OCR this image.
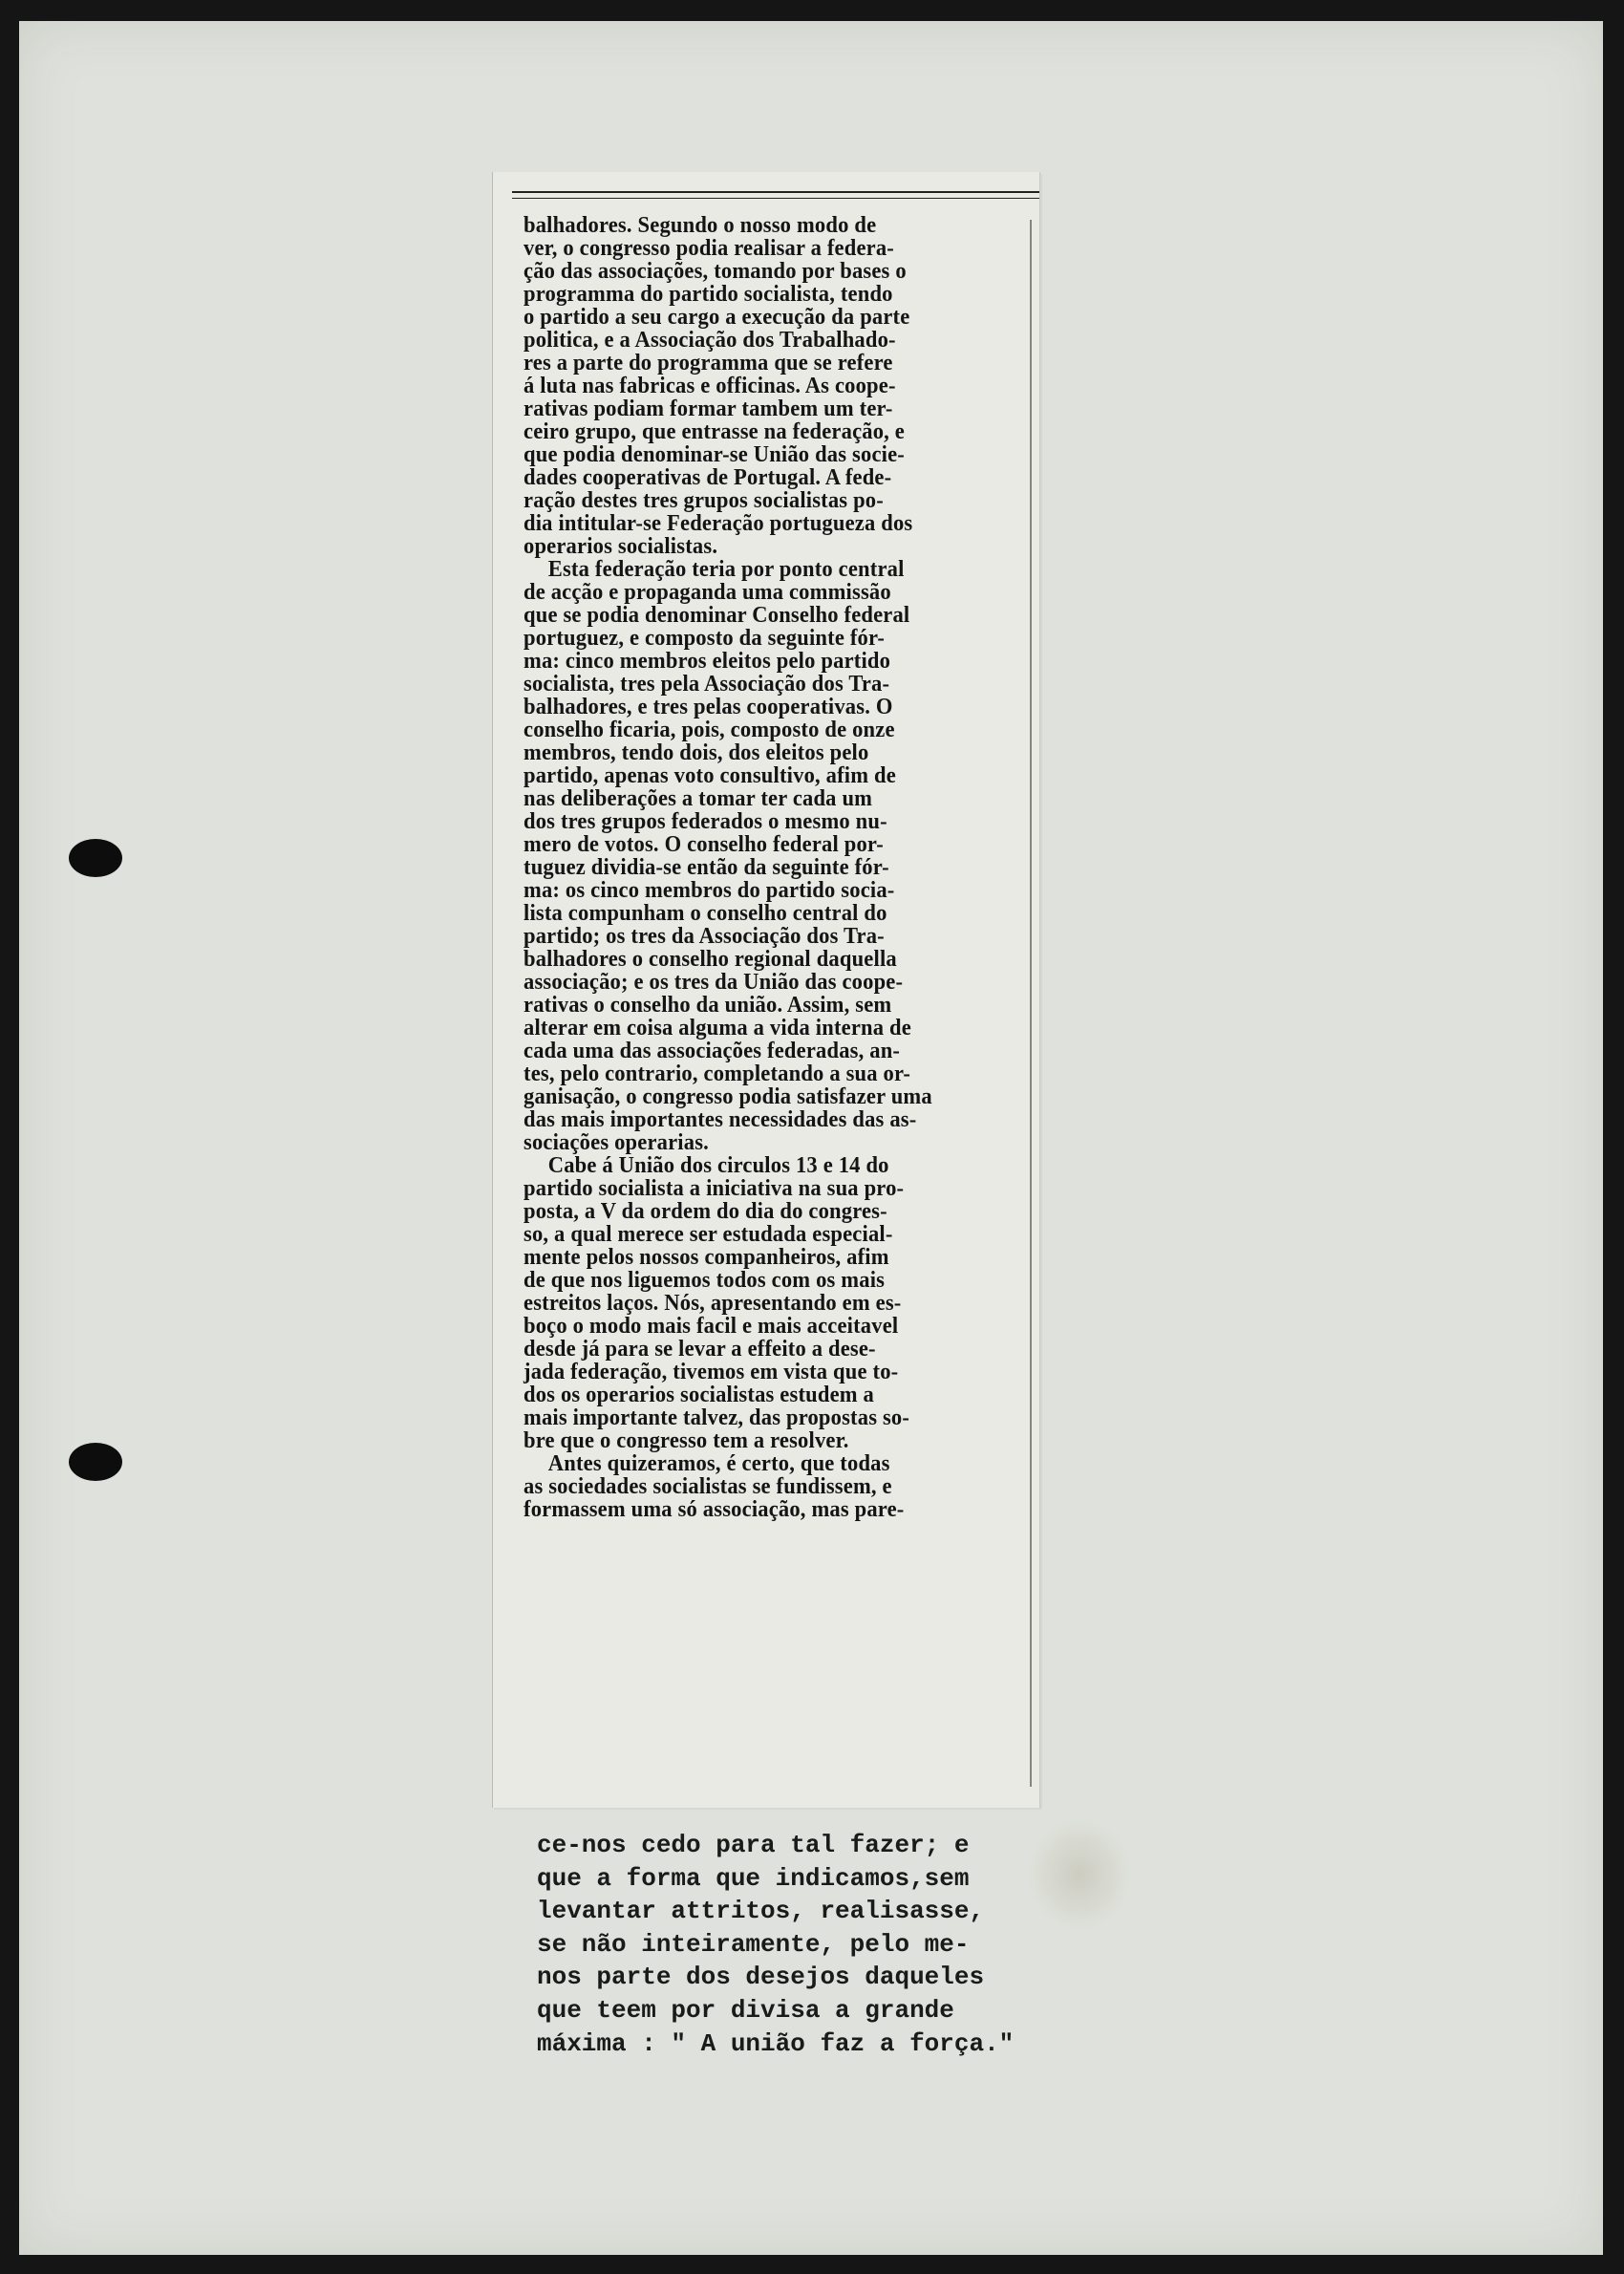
balhadores. Segundo o nosso modo de
ver, o congresso podia realisar a federa-
ção das associações, tomando por bases o
programma do partido socialista, tendo
o partido a seu cargo a execução da parte
politica, e a Associação dos Trabalhado-
res a parte do programma que se refere
á luta nas fabricas e officinas. As coope-
rativas podiam formar tambem um ter-
ceiro grupo, que entrasse na federação, e
que podia denominar-se União das socie-
dades cooperativas de Portugal. A fede-
ração destes tres grupos socialistas po-
dia intitular-se Federação portugueza dos
operarios socialistas.
Esta federação teria por ponto central
de acção e propaganda uma commissão
que se podia denominar Conselho federal
portuguez, e composto da seguinte fór-
ma: cinco membros eleitos pelo partido
socialista, tres pela Associação dos Tra-
balhadores, e tres pelas cooperativas. O
conselho ficaria, pois, composto de onze
membros, tendo dois, dos eleitos pelo
partido, apenas voto consultivo, afim de
nas deliberações a tomar ter cada um
dos tres grupos federados o mesmo nu-
mero de votos. O conselho federal por-
tuguez dividia-se então da seguinte fór-
ma: os cinco membros do partido socia-
lista compunham o conselho central do
partido; os tres da Associação dos Tra-
balhadores o conselho regional daquella
associação; e os tres da União das coope-
rativas o conselho da união. Assim, sem
alterar em coisa alguma a vida interna de
cada uma das associações federadas, an-
tes, pelo contrario, completando a sua or-
ganisação, o congresso podia satisfazer uma
das mais importantes necessidades das as-
sociações operarias.
Cabe á União dos circulos 13 e 14 do
partido socialista a iniciativa na sua pro-
posta, a V da ordem do dia do congres-
so, a qual merece ser estudada especial-
mente pelos nossos companheiros, afim
de que nos liguemos todos com os mais
estreitos laços. Nós, apresentando em es-
boço o modo mais facil e mais acceitavel
desde já para se levar a effeito a dese-
jada federação, tivemos em vista que to-
dos os operarios socialistas estudem a
mais importante talvez, das propostas so-
bre que o congresso tem a resolver.
Antes quizeramos, é certo, que todas
as sociedades socialistas se fundissem, e
formassem uma só associação, mas pare-
ce-nos cedo para tal fazer; e
que a forma que indicamos,sem
levantar attritos, realisasse,
se não inteiramente, pelo me-
nos parte dos desejos daqueles
que teem por divisa a grande
máxima : " A união faz a força."
